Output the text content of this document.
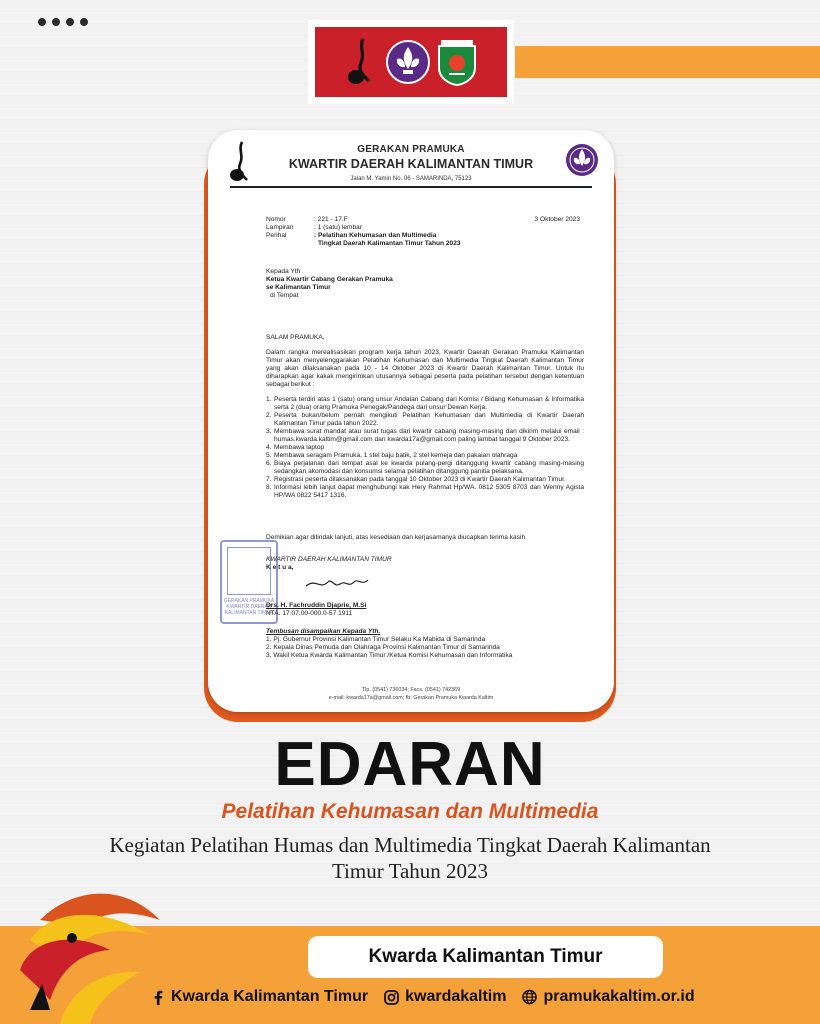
GERAKAN PRAMUKA
KWARTIR DAERAH KALIMANTAN TIMUR
Jalan M. Yamin No. 06 - SAMARINDA, 75123
Nomor	: 221 - 17.F
Lampiran	: 1 (satu) lembar
Perihal	: Pelatihan Kehumasan dan Multimedia
Tingkat Daerah Kalimantan Timur Tahun 2023
3 Oktober 2023
Kepada Yth
Ketua Kwartir Cabang Gerakan Pramuka
se Kalimantan Timur
di Tempat

SALAM PRAMUKA,

Dalam rangka merealisasikan program kerja tahun 2023, Kwartir Daerah Gerakan Pramuka Kalimantan Timur akan menyelenggarakan Pelatihan Kehumasan dan Multimedia Tingkat Daerah Kalimantan Timur yang akan dilaksanakan pada 10 - 14 Oktober 2023 di Kwartir Daerah Kalimantan Timur. Untuk itu diharapkan agar kakak mengirimkan utusannya sebagai peserta pada pelatihan tersebut dengan ketentuan sebagai berikut :

1. Peserta terdiri atas 1 (satu) orang unsur Andalan Cabang dari Komisi / Bidang Kehumasan & Informatika serta 2 (dua) orang Pramuka Penegak/Pandega dari unsur Dewan Kerja.
2. Peserta bukan/belum pernah mengikuti Pelatihan Kehumasan dan Multimedia di Kwartir Daerah Kalimantan Timur pada tahun 2022.
3. Membawa surat mandat atau surat tugas dari kwartir cabang masing-masing dan dikirim melalui email : humas.kwarda.kaltim@gmail.com dan kwarda17a@gmail.com paling lambat tanggal 9 Oktober 2023.
4. Membawa laptop
5. Membawa seragam Pramuka, 1 stel baju batik, 2 stel kemeja dan pakaian olahraga
6. Biaya perjalanan dari tempat asal ke kwarda pulang-pergi ditanggung kwartir cabang masing-masing sedangkan akomodasi dan konsumsi selama pelatihan ditanggung panitia pelaksana.
7. Registrasi peserta dilaksanakan pada tanggal 10 Oktober 2023 di Kwartir Daerah Kalimantan Timur.
8. Informasi lebih lanjut dapat menghubungi kak Hery Rahmat Hp/WA. 0812 5305 8703 dan Wenny Agista HP/WA 0822 5417 1316.
Demikian agar ditindak lanjuti, atas kesediaan dan kerjasamanya diucapkan terima kasih
GERAKAN PRAMUKA KWARTIR DAERAH KALIMANTAN TIMUR
KWARTIR DAERAH KALIMANTAN TIMUR
K e t u a,
Drs. H. Fachruddin Djaprie, M.Si
NTA. 17.07.00-000.0-57.1911
Tembusan disampaikan Kepada Yth.
1. Pj. Gubernur Provinsi Kalimantan Timur Selaku Ka Mabida di Samarinda
2. Kepala Dinas Pemuda dan Olahraga Provinsi Kalimantan Timur di Samarinda
3. Wakil Ketua Kwarda Kalimantan Timur /Ketua Komisi Kehumasan dan Informatika
Tlp. (0541) 736034; Facs. (0541) 742369
e-mail: kwarda17a@gmail.com; fb: Gerakan Pramuka Kwarda Kaltim
EDARAN
Pelatihan Kehumasan dan Multimedia
Kegiatan Pelatihan Humas dan Multimedia Tingkat Daerah Kalimantan Timur Tahun 2023
Kwarda Kalimantan Timur
Kwarda Kalimantan Timur kwardakaltim pramukakaltim.or.id
